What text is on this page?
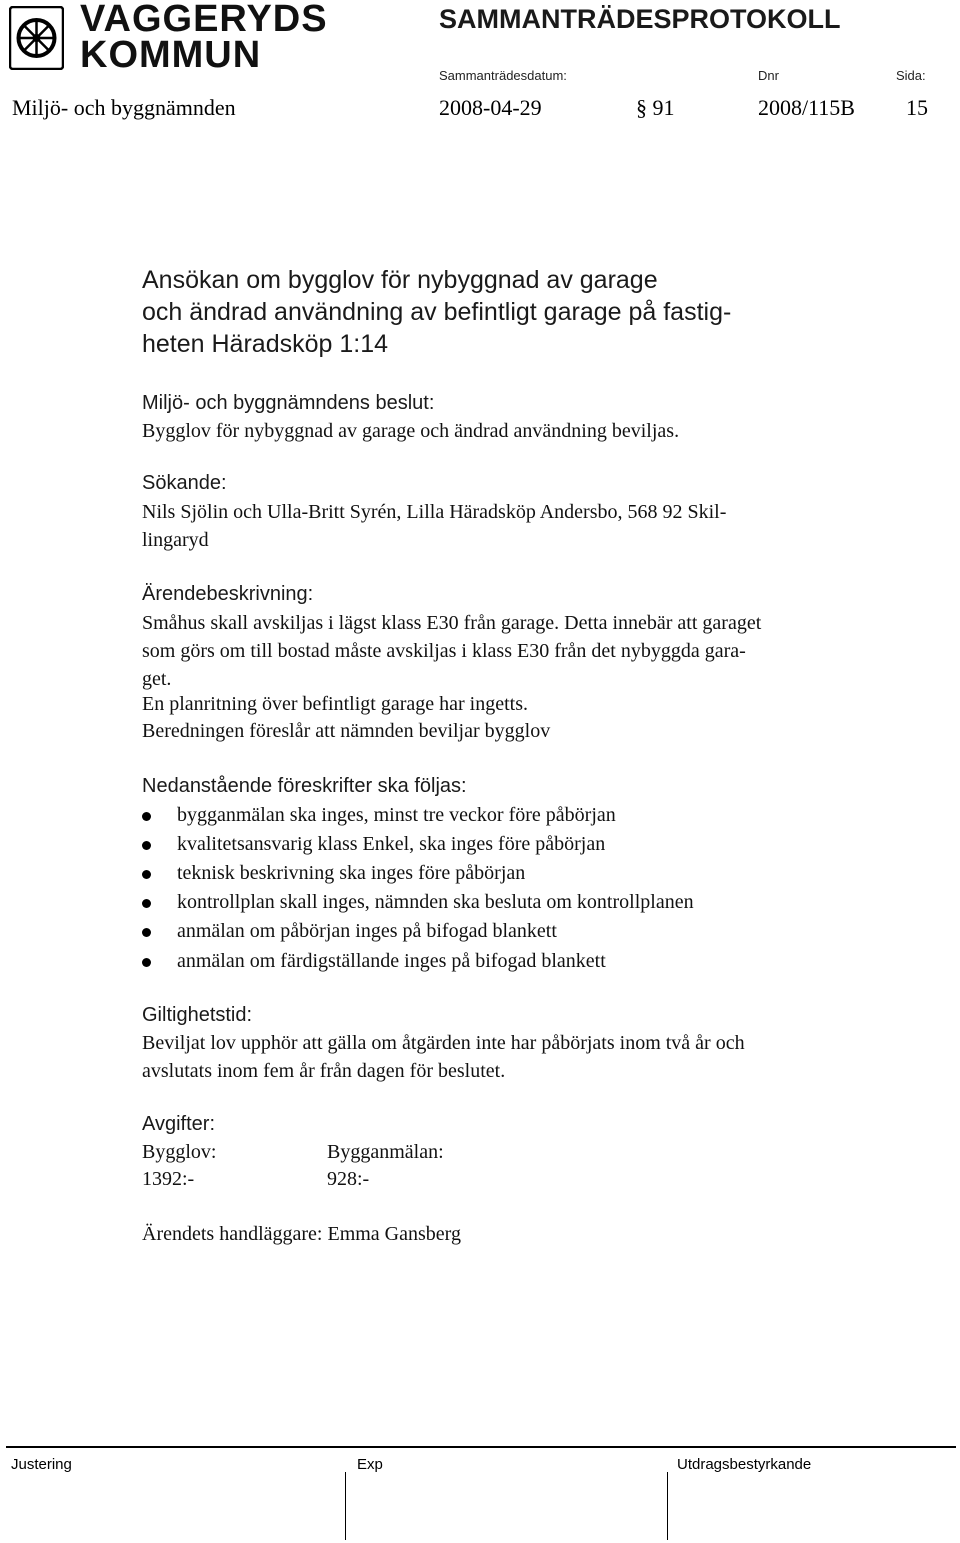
VAGGERYDS
KOMMUN
SAMMANTRÄDESPROTOKOLL
Sammanträdesdatum:	Dnr	Sida:
Miljö- och byggnämnden	2008-04-29	§ 91	2008/115B 15
Ansökan om bygglov för nybyggnad av garage
och ändrad användning av befintligt garage på fastig-
heten Häradsköp 1:14
Miljö- och byggnämndens beslut:
Bygglov för nybyggnad av garage och ändrad användning beviljas.
Sökande:
Nils Sjölin och Ulla-Britt Syrén, Lilla Häradsköp Andersbo, 568 92 Skil-
lingaryd
Ärendebeskrivning:
Småhus skall avskiljas i lägst klass E30 från garage. Detta innebär att garaget
som görs om till bostad måste avskiljas i klass E30 från det nybyggda gara-
get.
En planritning över befintligt garage har ingetts.
Beredningen föreslår att nämnden beviljar bygglov
Nedanstående föreskrifter ska följas:
bygganmälan ska inges, minst tre veckor före påbörjan
kvalitetsansvarig klass Enkel, ska inges före påbörjan
teknisk beskrivning ska inges före påbörjan
kontrollplan skall inges, nämnden ska besluta om kontrollplanen
anmälan om påbörjan inges på bifogad blankett
anmälan om färdigställande inges på bifogad blankett
Giltighetstid:
Beviljat lov upphör att gälla om åtgärden inte har påbörjats inom två år och
avslutats inom fem år från dagen för beslutet.
Avgifter:
Bygglov:	Bygganmälan:
1392:-	928:-
Ärendets handläggare: Emma Gansberg
Justering	Exp	Utdragsbestyrkande
